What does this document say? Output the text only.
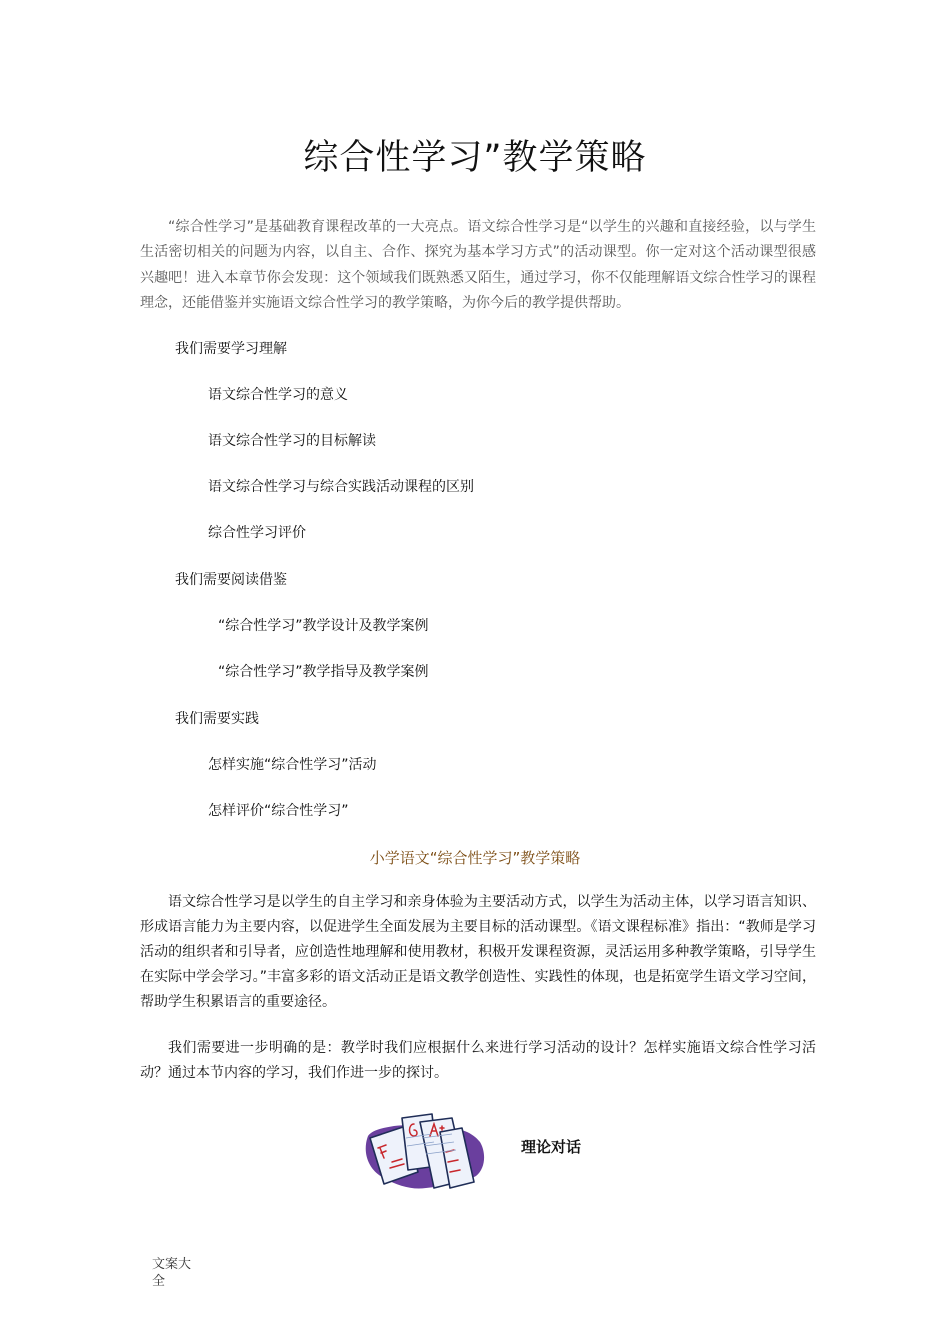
综合性学习”教学策略

“综合性学习”是基础教育课程改革的一大亮点。语文综合性学习是“以学生的兴趣和直接经验，以与学生生活密切相关的问题为内容，以自主、合作、探究为基本学习方式”的活动课型。你一定对这个活动课型很感兴趣吧！进入本章节你会发现：这个领域我们既熟悉又陌生，通过学习，你不仅能理解语文综合性学习的课程理念，还能借鉴并实施语文综合性学习的教学策略，为你今后的教学提供帮助。

我们需要学习理解
语文综合性学习的意义
语文综合性学习的目标解读
语文综合性学习与综合实践活动课程的区别
综合性学习评价
我们需要阅读借鉴
“综合性学习”教学设计及教学案例
“综合性学习”教学指导及教学案例
我们需要实践
怎样实施“综合性学习”活动
怎样评价“综合性学习”
小学语文“综合性学习”教学策略

语文综合性学习是以学生的自主学习和亲身体验为主要活动方式，以学生为活动主体，以学习语言知识、形成语言能力为主要内容，以促进学生全面发展为主要目标的活动课型。《语文课程标准》指出：“教师是学习活动的组织者和引导者，应创造性地理解和使用教材，积极开发课程资源，灵活运用多种教学策略，引导学生在实际中学会学习。”丰富多彩的语文活动正是语文教学创造性、实践性的体现，也是拓宽学生语文学习空间，帮助学生积累语言的重要途径。

我们需要进一步明确的是：教学时我们应根据什么来进行学习活动的设计？怎样实施语文综合性学习活动？通过本节内容的学习，我们作进一步的探讨。

理论对话
文案大全
